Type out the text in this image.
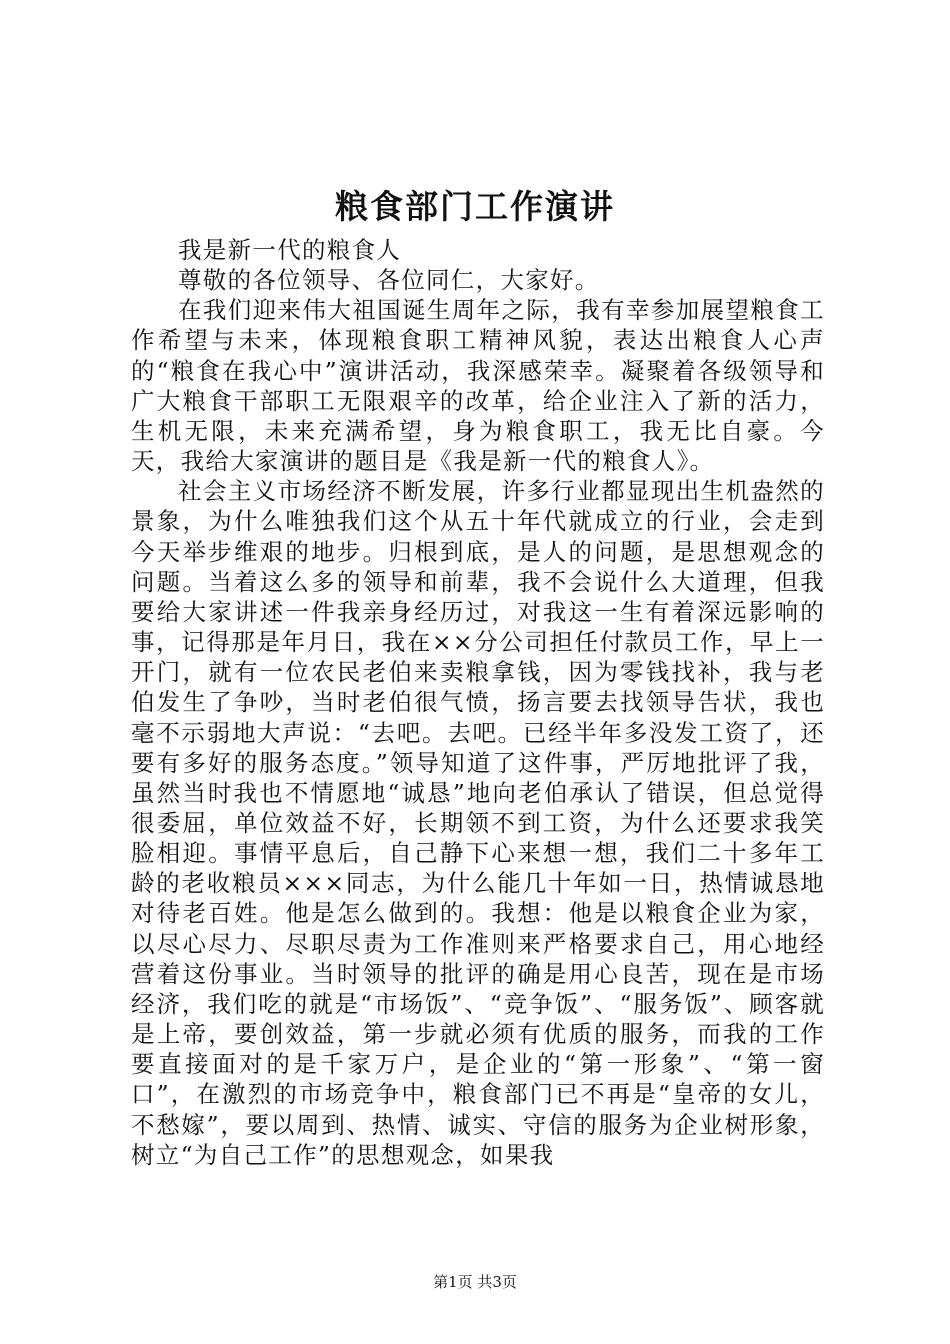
粮食部门工作演讲

我是新一代的粮食人

尊敬的各位领导、各位同仁，大家好。

在我们迎来伟大祖国诞生周年之际，我有幸参加展望粮食工作希望与未来，体现粮食职工精神风貌，表达出粮食人心声的“粮食在我心中”演讲活动，我深感荣幸。凝聚着各级领导和广大粮食干部职工无限艰辛的改革，给企业注入了新的活力，生机无限，未来充满希望，身为粮食职工，我无比自豪。今天，我给大家演讲的题目是《我是新一代的粮食人》。

社会主义市场经济不断发展，许多行业都显现出生机盎然的景象，为什么唯独我们这个从五十年代就成立的行业，会走到今天举步维艰的地步。归根到底，是人的问题，是思想观念的问题。当着这么多的领导和前辈，我不会说什么大道理，但我要给大家讲述一件我亲身经历过，对我这一生有着深远影响的事，记得那是年月日，我在××分公司担任付款员工作，早上一开门，就有一位农民老伯来卖粮拿钱，因为零钱找补，我与老伯发生了争吵，当时老伯很气愤，扬言要去找领导告状，我也毫不示弱地大声说：“去吧。去吧。已经半年多没发工资了，还要有多好的服务态度。”领导知道了这件事，严厉地批评了我，虽然当时我也不情愿地“诚恳”地向老伯承认了错误，但总觉得很委屈，单位效益不好，长期领不到工资，为什么还要求我笑脸相迎。事情平息后，自己静下心来想一想，我们二十多年工龄的老收粮员×××同志，为什么能几十年如一日，热情诚恳地对待老百姓。他是怎么做到的。我想：他是以粮食企业为家，以尽心尽力、尽职尽责为工作准则来严格要求自己，用心地经营着这份事业。当时领导的批评的确是用心良苦，现在是市场经济，我们吃的就是“市场饭”、“竞争饭”、“服务饭”、顾客就是上帝，要创效益，第一步就必须有优质的服务，而我的工作要直接面对的是千家万户，是企业的“第一形象”、“第一窗口”，在激烈的市场竞争中，粮食部门已不再是“皇帝的女儿，不愁嫁”，要以周到、热情、诚实、守信的服务为企业树形象，树立“为自己工作”的思想观念，如果我

第1页 共3页
